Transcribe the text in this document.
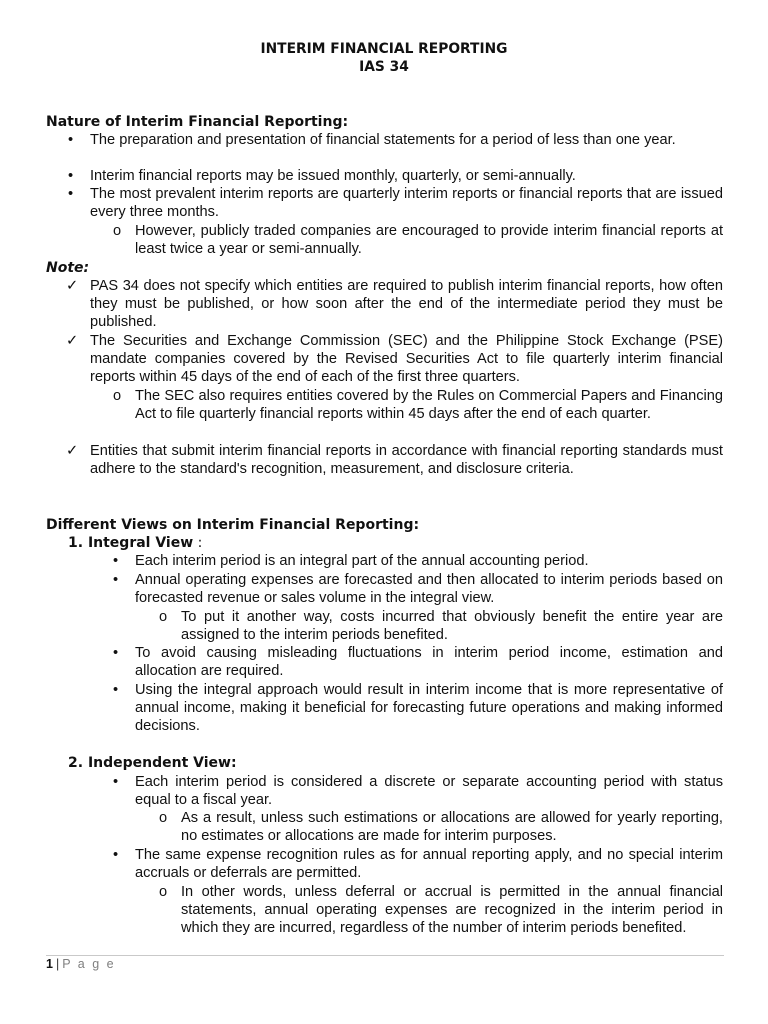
INTERIM FINANCIAL REPORTING
IAS 34
Nature of Interim Financial Reporting:
• The preparation and presentation of financial statements for a period of less than one year.
• Interim financial reports may be issued monthly, quarterly, or semi-annually.
• The most prevalent interim reports are quarterly interim reports or financial reports that are issued every three months.
o However, publicly traded companies are encouraged to provide interim financial reports at least twice a year or semi-annually.
Note:
✓ PAS 34 does not specify which entities are required to publish interim financial reports, how often they must be published, or how soon after the end of the intermediate period they must be published.
✓ The Securities and Exchange Commission (SEC) and the Philippine Stock Exchange (PSE) mandate companies covered by the Revised Securities Act to file quarterly interim financial reports within 45 days of the end of each of the first three quarters.
o The SEC also requires entities covered by the Rules on Commercial Papers and Financing Act to file quarterly financial reports within 45 days after the end of each quarter.
✓ Entities that submit interim financial reports in accordance with financial reporting standards must adhere to the standard's recognition, measurement, and disclosure criteria.
Different Views on Interim Financial Reporting:
1. Integral View :
• Each interim period is an integral part of the annual accounting period.
• Annual operating expenses are forecasted and then allocated to interim periods based on forecasted revenue or sales volume in the integral view.
o To put it another way, costs incurred that obviously benefit the entire year are assigned to the interim periods benefited.
• To avoid causing misleading fluctuations in interim period income, estimation and allocation are required.
• Using the integral approach would result in interim income that is more representative of annual income, making it beneficial for forecasting future operations and making informed decisions.
2. Independent View:
• Each interim period is considered a discrete or separate accounting period with status equal to a fiscal year.
o As a result, unless such estimations or allocations are allowed for yearly reporting, no estimates or allocations are made for interim purposes.
• The same expense recognition rules as for annual reporting apply, and no special interim accruals or deferrals are permitted.
o In other words, unless deferral or accrual is permitted in the annual financial statements, annual operating expenses are recognized in the interim period in which they are incurred, regardless of the number of interim periods benefited.
1 | P a g e
